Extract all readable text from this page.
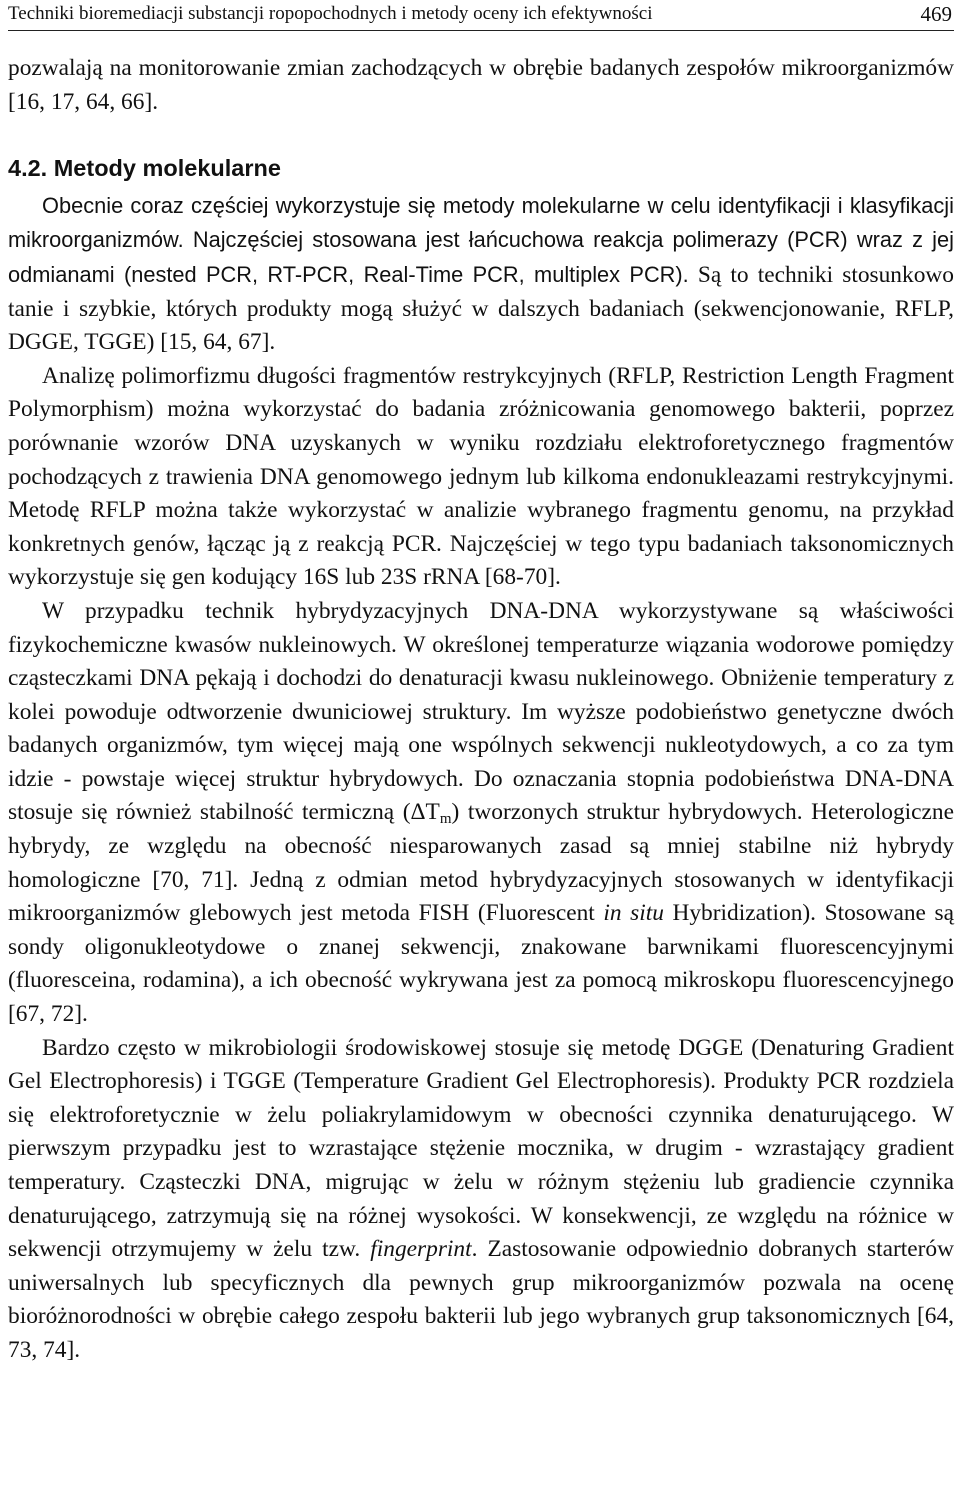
Techniki bioremediacji substancji ropopochodnych i metody oceny ich efektywności	469

pozwalają na monitorowanie zmian zachodzących w obrębie badanych zespołów mikroorganizmów [16, 17, 64, 66].

4.2. Metody molekularne

Obecnie coraz częściej wykorzystuje się metody molekularne w celu identyfikacji i klasyfikacji mikroorganizmów. Najczęściej stosowana jest łańcuchowa reakcja polimerazy (PCR) wraz z jej odmianami (nested PCR, RT-PCR, Real-Time PCR, multiplex PCR). Są to techniki stosunkowo tanie i szybkie, których produkty mogą służyć w dalszych badaniach (sekwencjonowanie, RFLP, DGGE, TGGE) [15, 64, 67].

Analizę polimorfizmu długości fragmentów restrykcyjnych (RFLP, Restriction Length Fragment Polymorphism) można wykorzystać do badania zróżnicowania genomowego bakterii, poprzez porównanie wzorów DNA uzyskanych w wyniku rozdziału elektroforetycznego fragmentów pochodzących z trawienia DNA genomowego jednym lub kilkoma endonukleazami restrykcyjnymi. Metodę RFLP można także wykorzystać w analizie wybranego fragmentu genomu, na przykład konkretnych genów, łącząc ją z reakcją PCR. Najczęściej w tego typu badaniach taksonomicznych wykorzystuje się gen kodujący 16S lub 23S rRNA [68-70].

W przypadku technik hybrydyzacyjnych DNA-DNA wykorzystywane są właściwości fizykochemiczne kwasów nukleinowych. W określonej temperaturze wiązania wodorowe pomiędzy cząsteczkami DNA pękają i dochodzi do denaturacji kwasu nukleinowego. Obniżenie temperatury z kolei powoduje odtworzenie dwuniciowej struktury. Im wyższe podobieństwo genetyczne dwóch badanych organizmów, tym więcej mają one wspólnych sekwencji nukleotydowych, a co za tym idzie - powstaje więcej struktur hybrydowych. Do oznaczania stopnia podobieństwa DNA-DNA stosuje się również stabilność termiczną $(\Delta T_m)$ tworzonych struktur hybrydowych. Heterologiczne hybrydy, ze względu na obecność niesparowanych zasad są mniej stabilne niż hybrydy homologiczne [70, 71]. Jedną z odmian metod hybrydyzacyjnych stosowanych w identyfikacji mikroorganizmów glebowych jest metoda FISH (Fluorescent in situ Hybridization). Stosowane są sondy oligonukleotydowe o znanej sekwencji, znakowane barwnikami fluorescencyjnymi (fluoresceina, rodamina), a ich obecność wykrywana jest za pomocą mikroskopu fluorescencyjnego [67, 72].

Bardzo często w mikrobiologii środowiskowej stosuje się metodę DGGE (Denaturing Gradient Gel Electrophoresis) i TGGE (Temperature Gradient Gel Electrophoresis). Produkty PCR rozdziela się elektroforetycznie w żelu poliakrylamidowym w obecności czynnika denaturującego. W pierwszym przypadku jest to wzrastające stężenie mocznika, w drugim - wzrastający gradient temperatury. Cząsteczki DNA, migrując w żelu w różnym stężeniu lub gradiencie czynnika denaturującego, zatrzymują się na różnej wysokości. W konsekwencji, ze względu na różnice w sekwencji otrzymujemy w żelu tzw. fingerprint. Zastosowanie odpowiednio dobranych starterów uniwersalnych lub specyficznych dla pewnych grup mikroorganizmów pozwala na ocenę bioróżnorodności w obrębie całego zespołu bakterii lub jego wybranych grup taksonomicznych [64, 73, 74].
